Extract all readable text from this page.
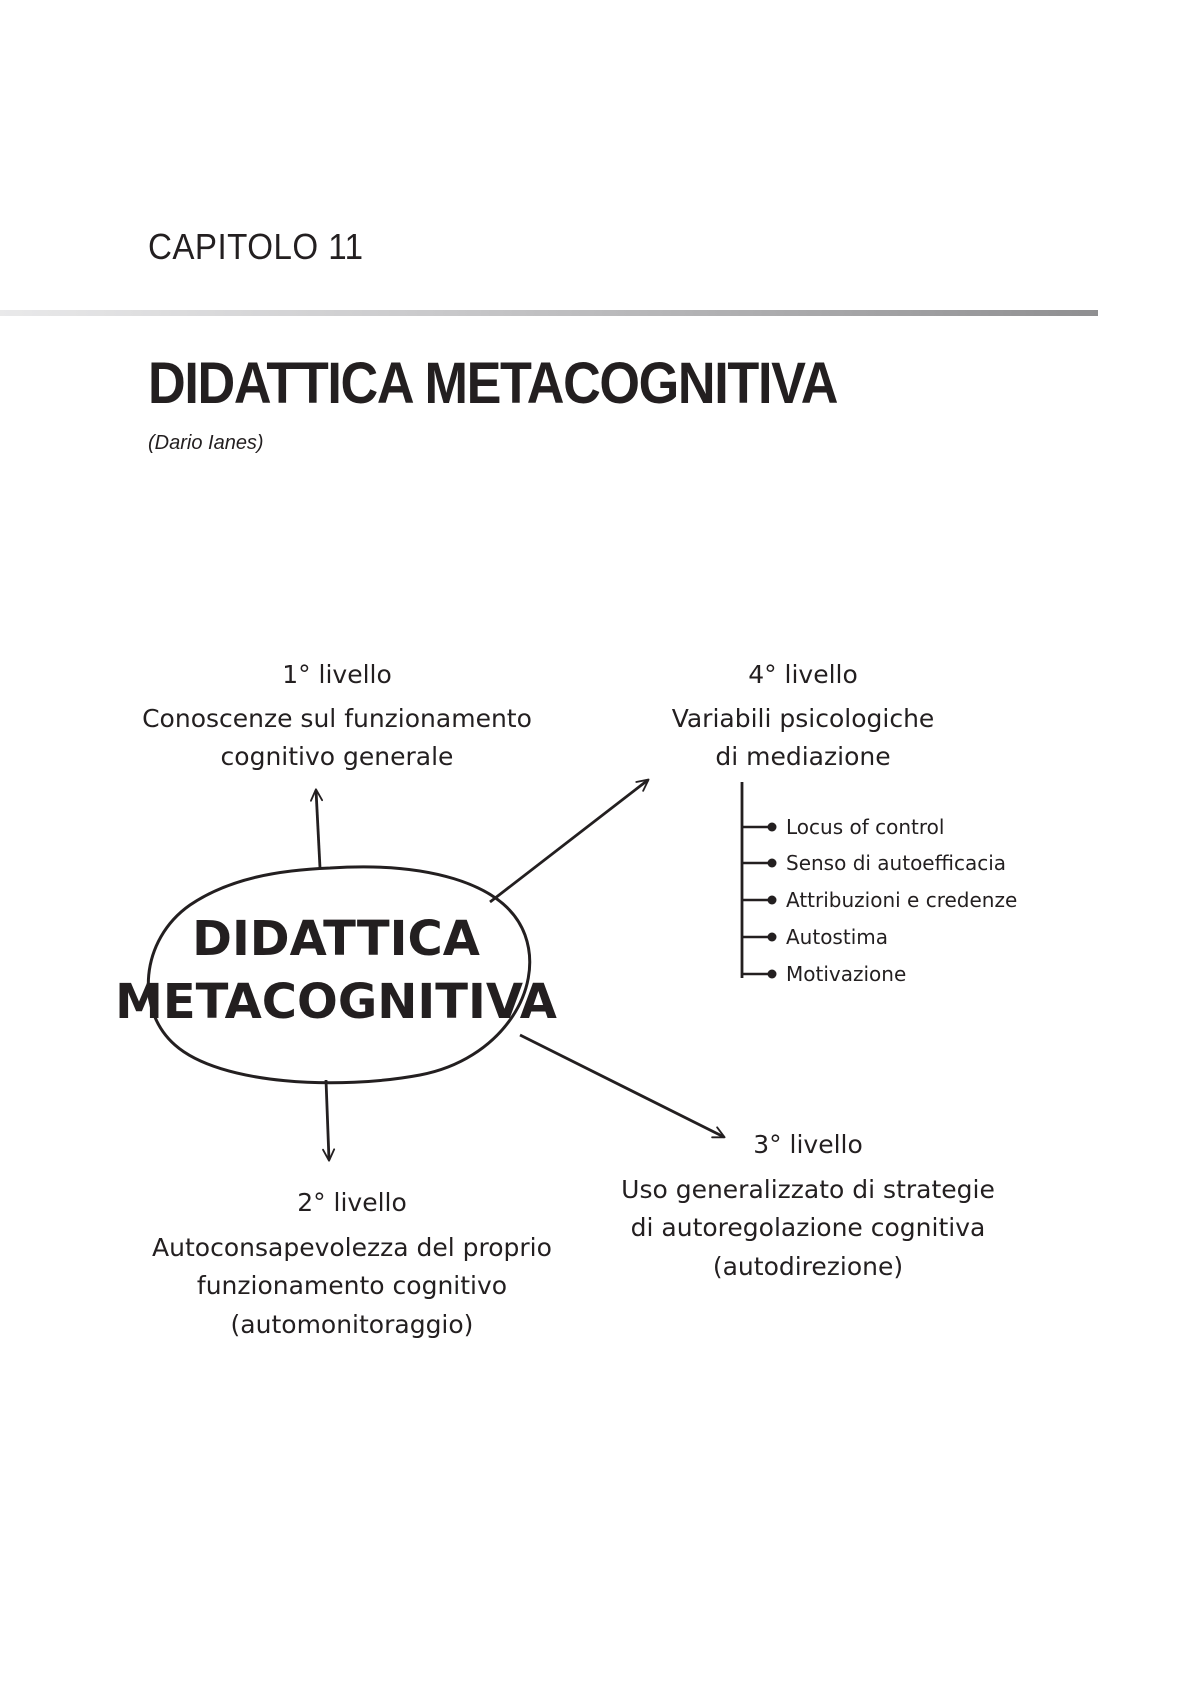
CAPITOLO 11
DIDATTICA METACOGNITIVA
(Dario Ianes)
DIDATTICA
METACOGNITIVA
1° livello
Conoscenze sul funzionamento
cognitivo generale
4° livello
Variabili psicologiche
di mediazione
Locus of control
Senso di autoefficacia
Attribuzioni e credenze
Autostima
Motivazione
2° livello
Autoconsapevolezza del proprio
funzionamento cognitivo
(automonitoraggio)
3° livello
Uso generalizzato di strategie
di autoregolazione cognitiva
(autodirezione)
